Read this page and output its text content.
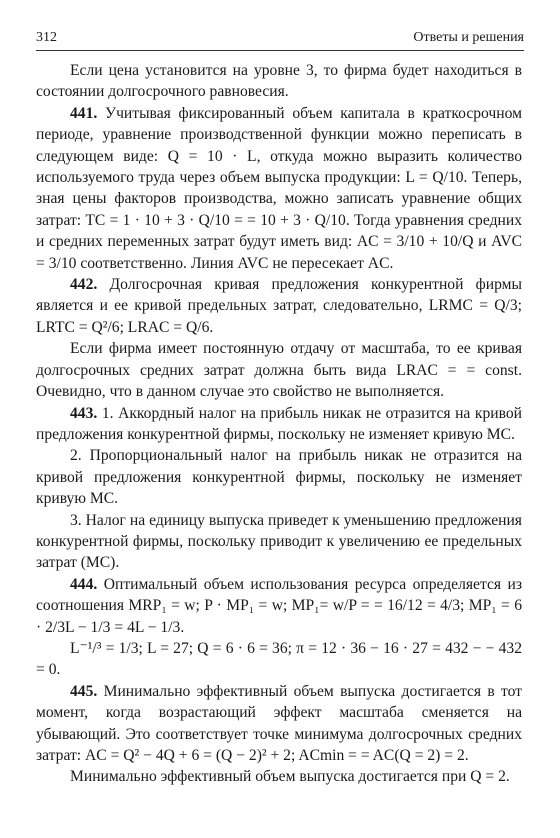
312	Ответы и решения

Если цена установится на уровне 3, то фирма будет находиться в состоянии долгосрочного равновесия.

441. Учитывая фиксированный объем капитала в краткосрочном периоде, уравнение производственной функции можно переписать в следующем виде: Q = 10 · L, откуда можно выразить количество используемого труда через объем выпуска продукции: L = Q/10. Теперь, зная цены факторов производства, можно записать уравнение общих затрат: TC = 1 · 10 + 3 · Q/10 = = 10 + 3 · Q/10. Тогда уравнения средних и средних переменных затрат будут иметь вид: AC = 3/10 + 10/Q и AVC = 3/10 соответственно. Линия AVC не пересекает AC.

442. Долгосрочная кривая предложения конкурентной фирмы является и ее кривой предельных затрат, следовательно, LRMC = Q/3; LRTC = Q²/6; LRAC = Q/6.

Если фирма имеет постоянную отдачу от масштаба, то ее кривая долгосрочных средних затрат должна быть вида LRAC = = const. Очевидно, что в данном случае это свойство не выполняется.

443. 1. Аккордный налог на прибыль никак не отразится на кривой предложения конкурентной фирмы, поскольку не изменяет кривую MC.

2. Пропорциональный налог на прибыль никак не отразится на кривой предложения конкурентной фирмы, поскольку не изменяет кривую MC.

3. Налог на единицу выпуска приведет к уменьшению предложения конкурентной фирмы, поскольку приводит к увеличению ее предельных затрат (MC).

444. Оптимальный объем использования ресурса определяется из соотношения MRP₁ = w; P · MP₁ = w; MP₁= w/P = = 16/12 = 4/3; MP₁ = 6 · 2/3L − 1/3 = 4L − 1/3.

L⁻¹/³ = 1/3; L = 27; Q = 6 · 6 = 36; π = 12 · 36 − 16 · 27 = 432 − − 432 = 0.

445. Минимально эффективный объем выпуска достигается в тот момент, когда возрастающий эффект масштаба сменяется на убывающий. Это соответствует точке минимума долгосрочных средних затрат: AC = Q² − 4Q + 6 = (Q − 2)² + 2; ACmin = = AC(Q = 2) = 2.

Минимально эффективный объем выпуска достигается при Q = 2.
